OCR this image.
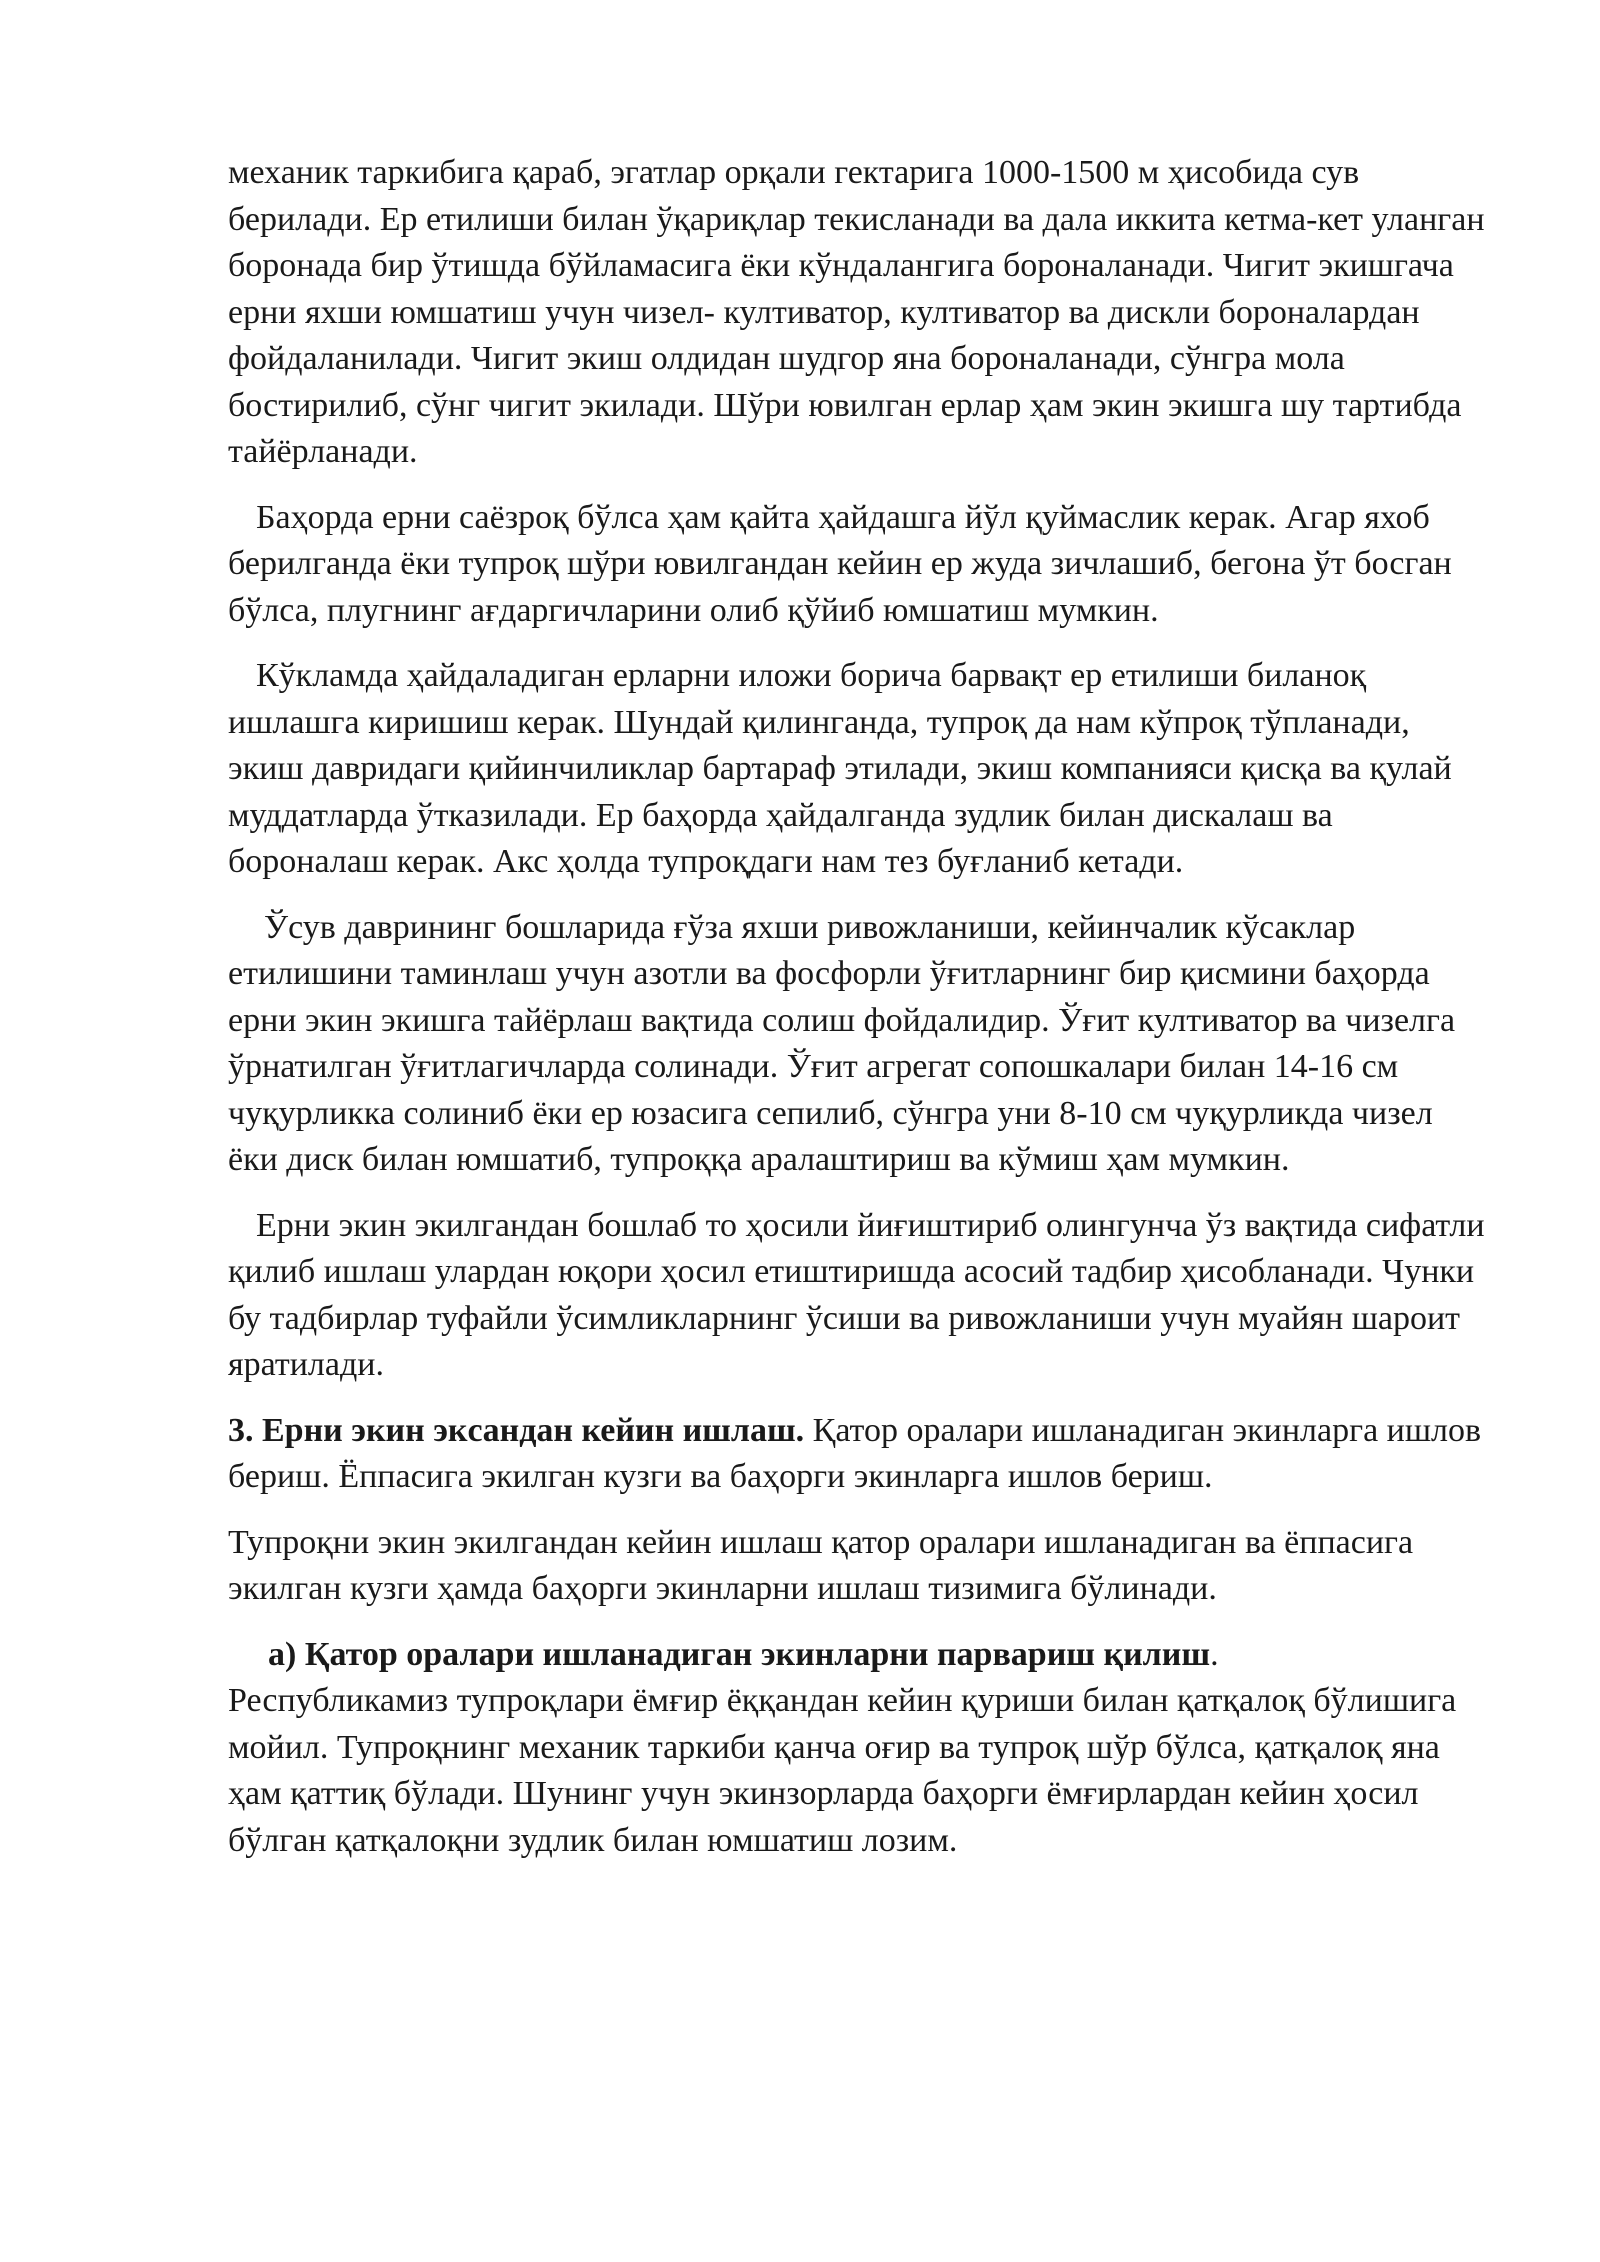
механик таркибига қараб, эгатлар орқали гектарига 1000-1500 м ҳисобида сув берилади. Ер етилиши билан ўқариқлар текисланади ва дала иккита кетма-кет уланган боронада бир ўтишда бўйламасига ёки кўндалангига бороналанади. Чигит экишгача ерни яхши юмшатиш учун чизел- култиватор, култиватор ва дискли бороналардан фойдаланилади. Чигит экиш олдидан шудгор яна бороналанади, сўнгра мола бостирилиб, сўнг чигит экилади. Шўри ювилган ерлар ҳам экин экишга шу тартибда тайёрланади.

Баҳорда ерни саёзроқ бўлса ҳам қайта ҳайдашга йўл қуймаслик керак. Агар яхоб берилганда ёки тупроқ шўри ювилгандан кейин ер жуда зичлашиб, бегона ўт босган бўлса, плугнинг ағдаргичларини олиб қўйиб юмшатиш мумкин.

Кўкламда ҳайдаладиган ерларни иложи борича барвақт ер етилиши биланоқ ишлашга киришиш керак. Шундай қилинганда, тупроқ да нам кўпроқ тўпланади, экиш давридаги қийинчиликлар бартараф этилади, экиш компанияси қисқа ва қулай муддатларда ўтказилади. Ер баҳорда ҳайдалганда зудлик билан дискалаш ва бороналаш керак. Акс ҳолда тупроқдаги нам тез буғланиб кетади.

Ўсув даврининг бошларида ғўза яхши ривожланиши, кейинчалик кўсаклар етилишини таминлаш учун азотли ва фосфорли ўғитларнинг бир қисмини баҳорда ерни экин экишга тайёрлаш вақтида солиш фойдалидир. Ўғит култиватор ва чизелга ўрнатилган ўғитлагичларда солинади. Ўғит агрегат сопошкалари билан 14-16 см чуқурликка солиниб ёки ер юзасига сепилиб, сўнгра уни 8-10 см чуқурликда чизел ёки диск билан юмшатиб, тупроққа аралаштириш ва кўмиш ҳам мумкин.

Ерни экин экилгандан бошлаб то ҳосили йиғиштириб олингунча ўз вақтида сифатли қилиб ишлаш улардан юқори ҳосил етиштиришда асосий тадбир ҳисобланади. Чунки бу тадбирлар туфайли ўсимликларнинг ўсиши ва ривожланиши учун муайян шароит яратилади.

3. Ерни экин экcандан кейин ишлаш. Қатор оралари ишланадиган экинларга ишлов бериш. Ёппасига экилган кузги ва баҳорги экинларга ишлов бериш.

Тупроқни экин экилгандан кейин ишлаш қатор оралари ишланадиган ва ёппасига экилган кузги ҳамда баҳорги экинларни ишлаш тизимига бўлинади.

а) Қатор оралари ишланадиган экинларни парвариш қилиш.
Республикамиз тупроқлари ёмғир ёққандан кейин қуриши билан қатқалоқ бўлишига мойил. Тупроқнинг механик таркиби қанча оғир ва тупроқ шўр бўлса, қатқалоқ яна ҳам қаттиқ бўлади. Шунинг учун экинзорларда баҳорги ёмғирлардан кейин ҳосил бўлган қатқалоқни зудлик билан юмшатиш лозим.
